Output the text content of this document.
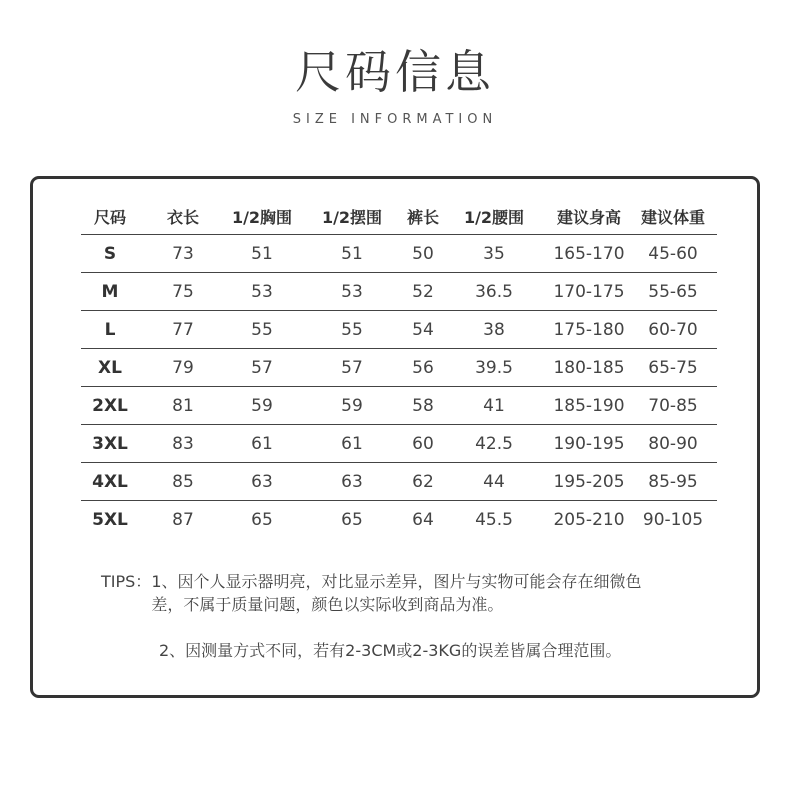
尺码信息
SIZE INFORMATION
尺码	衣长	1/2胸围	1/2摆围	裤长	1/2腰围	建议身高	建议体重
S	73	51	51	50	35	165-170	45-60
M	75	53	53	52	36.5	170-175	55-65
L	77	55	55	54	38	175-180	60-70
XL	79	57	57	56	39.5	180-185	65-75
2XL	81	59	59	58	41	185-190	70-85
3XL	83	61	61	60	42.5	190-195	80-90
4XL	85	63	63	62	44	195-205	85-95
5XL	87	65	65	64	45.5	205-210	90-105
TIPS： 1、因个人显示器明亮，对比显示差异，图片与实物可能会存在细微色差，不属于质量问题，颜色以实际收到商品为准。
2、因测量方式不同，若有2-3CM或2-3KG的误差皆属合理范围。
